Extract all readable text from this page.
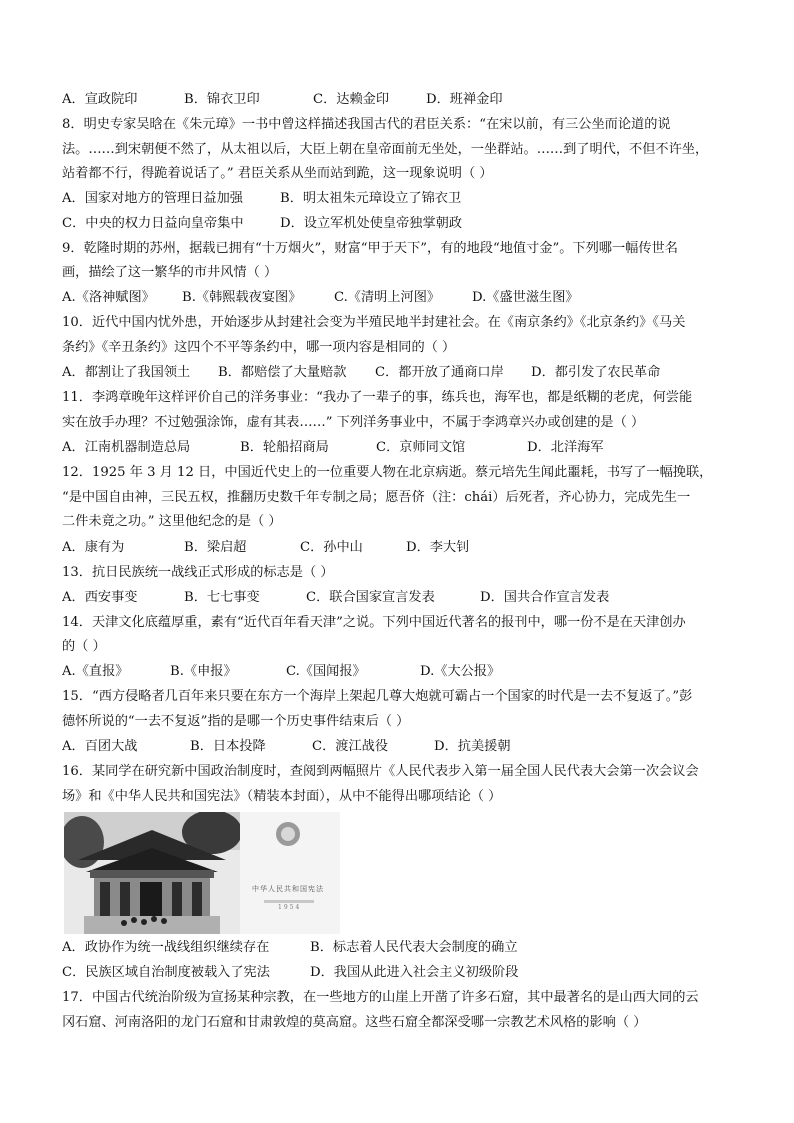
A．宣政院印	B．锦衣卫印	C．达赖金印	D．班禅金印
8．明史专家吴晗在《朱元璋》一书中曾这样描述我国古代的君臣关系：“在宋以前，有三公坐而论道的说
法。……到宋朝便不然了，从太祖以后，大臣上朝在皇帝面前无坐处，一坐群站。……到了明代，不但不许坐，
站着都不行，得跪着说话了。” 君臣关系从坐而站到跪，这一现象说明（ ）
A．国家对地方的管理日益加强	B．明太祖朱元璋设立了锦衣卫
C．中央的权力日益向皇帝集中	D．设立军机处使皇帝独掌朝政
9．乾隆时期的苏州，据载已拥有“十万烟火”，财富“甲于天下”，有的地段“地值寸金”。下列哪一幅传世名
画，描绘了这一繁华的市井风情（ ）
A.《洛神赋图》 B.《韩熙载夜宴图》 C.《清明上河图》 D.《盛世滋生图》
10．近代中国内忧外患，开始逐步从封建社会变为半殖民地半封建社会。在《南京条约》《北京条约》《马关
条约》《辛丑条约》这四个不平等条约中，哪一项内容是相同的（ ）
A．都割让了我国领土 B．都赔偿了大量赔款 C．都开放了通商口岸 D．都引发了农民革命
11．李鸿章晚年这样评价自己的洋务事业：“我办了一辈子的事，练兵也，海军也，都是纸糊的老虎，何尝能
实在放手办理？不过勉强涂饰，虚有其表……” 下列洋务事业中，不属于李鸿章兴办或创建的是（ ）
A．江南机器制造总局	B．轮船招商局	C．京师同文馆	D．北洋海军
12．1925 年 3 月 12 日，中国近代史上的一位重要人物在北京病逝。蔡元培先生闻此噩耗，书写了一幅挽联，
“是中国自由神，三民五权，推翻历史数千年专制之局；愿吾侪（注：chái）后死者，齐心协力，完成先生一
二件未竟之功。” 这里他纪念的是（ ）
A．康有为	B．梁启超	C．孙中山	D．李大钊
13．抗日民族统一战线正式形成的标志是（ ）
A．西安事变	B．七七事变	C．联合国家宣言发表	D．国共合作宣言发表
14．天津文化底蕴厚重，素有“近代百年看天津”之说。下列中国近代著名的报刊中，哪一份不是在天津创办
的（ ）
A.《直报》	B.《申报》	C.《国闻报》	D.《大公报》
15．“西方侵略者几百年来只要在东方一个海岸上架起几尊大炮就可霸占一个国家的时代是一去不复返了。”彭
德怀所说的“一去不复返”指的是哪一个历史事件结束后（ ）
A．百团大战	B．日本投降	C．渡江战役	D．抗美援朝
16．某同学在研究新中国政治制度时，查阅到两幅照片《人民代表步入第一届全国人民代表大会第一次会议会
场》和《中华人民共和国宪法》（精装本封面），从中不能得出哪项结论（ ）
中华人民共和国宪法
1954
A．政协作为统一战线组织继续存在	B．标志着人民代表大会制度的确立
C．民族区域自治制度被载入了宪法	D．我国从此进入社会主义初级阶段
17．中国古代统治阶级为宣扬某种宗教，在一些地方的山崖上开凿了许多石窟，其中最著名的是山西大同的云
冈石窟、河南洛阳的龙门石窟和甘肃敦煌的莫高窟。这些石窟全都深受哪一宗教艺术风格的影响（ ）
